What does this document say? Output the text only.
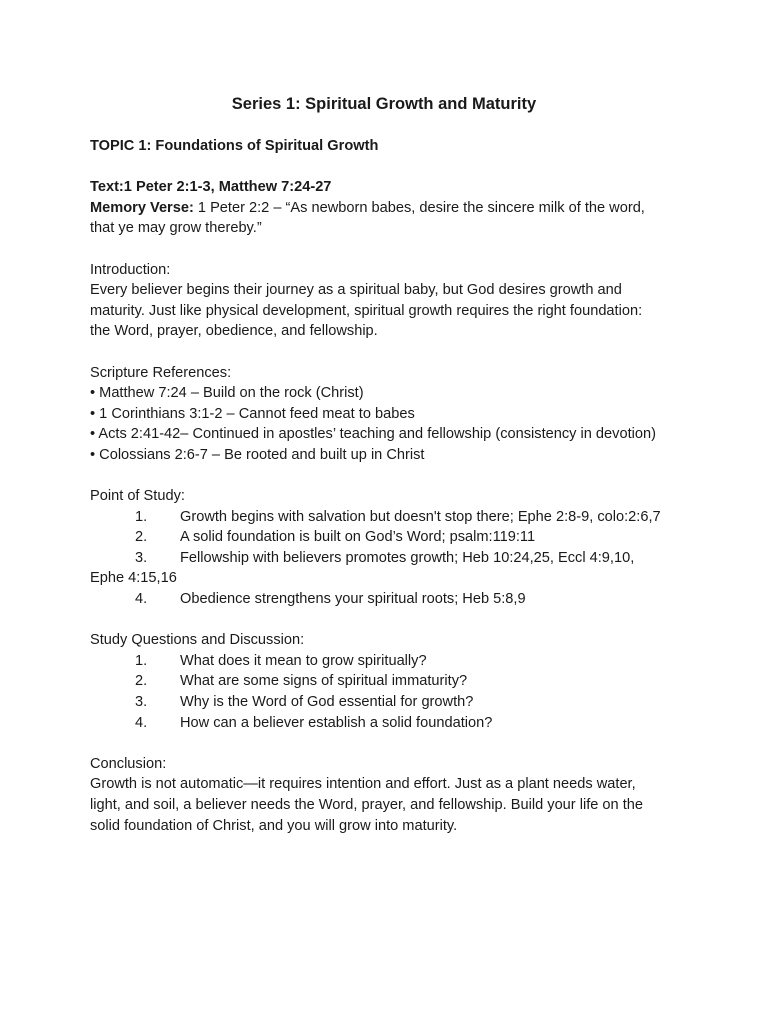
Series 1: Spiritual Growth and Maturity
TOPIC 1: Foundations of Spiritual Growth
Text:1 Peter 2:1-3, Matthew 7:24-27
Memory Verse: 1 Peter 2:2 – “As newborn babes, desire the sincere milk of the word,
that ye may grow thereby.”
Introduction:
Every believer begins their journey as a spiritual baby, but God desires growth and
maturity. Just like physical development, spiritual growth requires the right foundation:
the Word, prayer, obedience, and fellowship.
Scripture References:
• Matthew 7:24 – Build on the rock (Christ)
• 1 Corinthians 3:1-2 – Cannot feed meat to babes
• Acts 2:41-42– Continued in apostles’ teaching and fellowship (consistency in devotion)
• Colossians 2:6-7 – Be rooted and built up in Christ
Point of Study:
1.	Growth begins with salvation but doesn't stop there; Ephe 2:8-9, colo:2:6,7
2.	A solid foundation is built on God’s Word; psalm:119:11
3.	Fellowship with believers promotes growth; Heb 10:24,25, Eccl 4:9,10,
Ephe 4:15,16
4.	Obedience strengthens your spiritual roots; Heb 5:8,9
Study Questions and Discussion:
1.	What does it mean to grow spiritually?
2.	What are some signs of spiritual immaturity?
3.	Why is the Word of God essential for growth?
4.	How can a believer establish a solid foundation?
Conclusion:
Growth is not automatic—it requires intention and effort. Just as a plant needs water,
light, and soil, a believer needs the Word, prayer, and fellowship. Build your life on the
solid foundation of Christ, and you will grow into maturity.
